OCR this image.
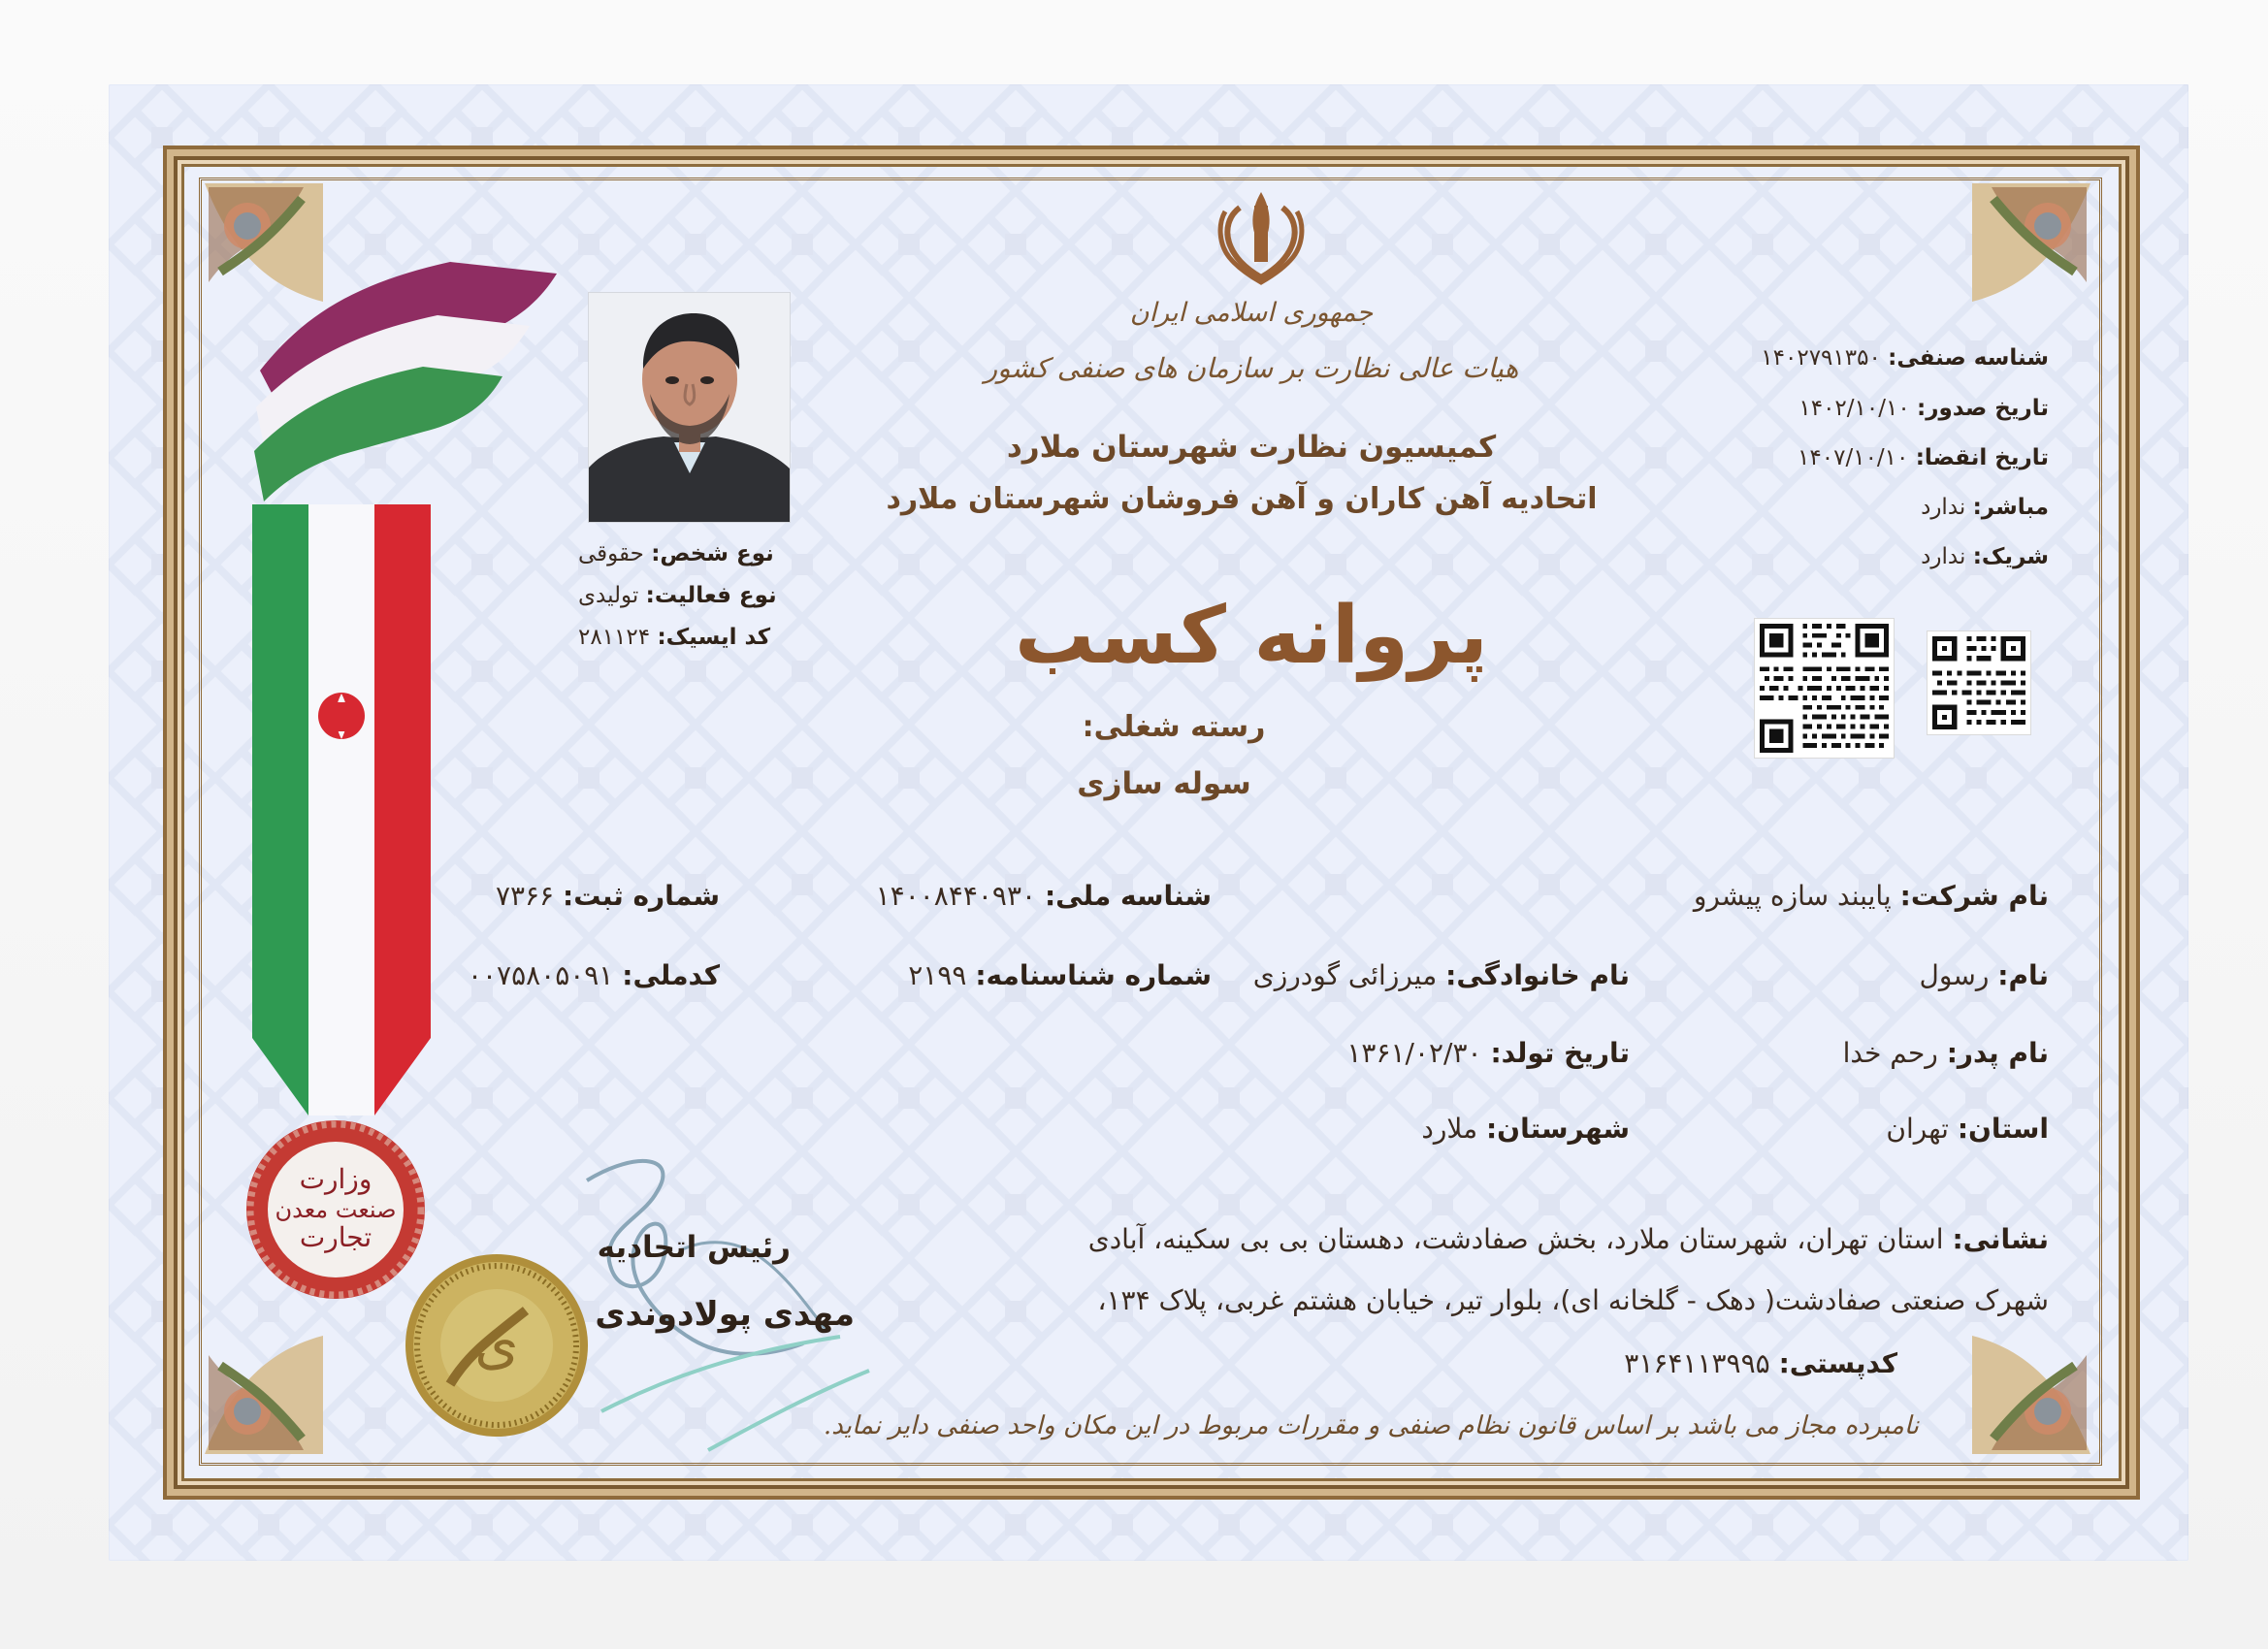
وزارت
صنعت معدن
تجارت
ی
جمهوری اسلامی ایران
هیات عالی نظارت بر سازمان های صنفی کشور
کمیسیون نظارت شهرستان ملارد
اتحادیه آهن کاران و آهن فروشان شهرستان ملارد
پروانه کسب
رسته شغلی:
سوله سازی
شناسه صنفی: ۱۴۰۲۷۹۱۳۵۰
تاریخ صدور: ۱۴۰۲/۱۰/۱۰
تاریخ انقضا: ۱۴۰۷/۱۰/۱۰
مباشر: ندارد
شریک: ندارد
نوع شخص: حقوقی
نوع فعالیت: تولیدی
کد ایسیک: ۲۸۱۱۲۴
نام شرکت: پایبند سازه پیشرو
شناسه ملی: ۱۴۰۰۸۴۴۰۹۳۰
شماره ثبت: ۷۳۶۶
نام: رسول
نام خانوادگی: میرزائی گودرزی
شماره شناسنامه: ۲۱۹۹
کدملی: ۰۰۷۵۸۰۵۰۹۱
نام پدر: رحم خدا
تاریخ تولد: ۱۳۶۱/۰۲/۳۰
استان: تهران
شهرستان: ملارد
نشانی: استان تهران، شهرستان ملارد، بخش صفادشت، دهستان بی بی سکینه، آبادی
شهرک صنعتی صفادشت( دهک - گلخانه ای)، بلوار تیر، خیابان هشتم غربی، پلاک ۱۳۴،
کدپستی: ۳۱۶۴۱۱۳۹۹۵
رئیس اتحادیه
مهدی پولادوندی
نامبرده مجاز می باشد بر اساس قانون نظام صنفی و مقررات مربوط در این مکان واحد صنفی دایر نماید.
